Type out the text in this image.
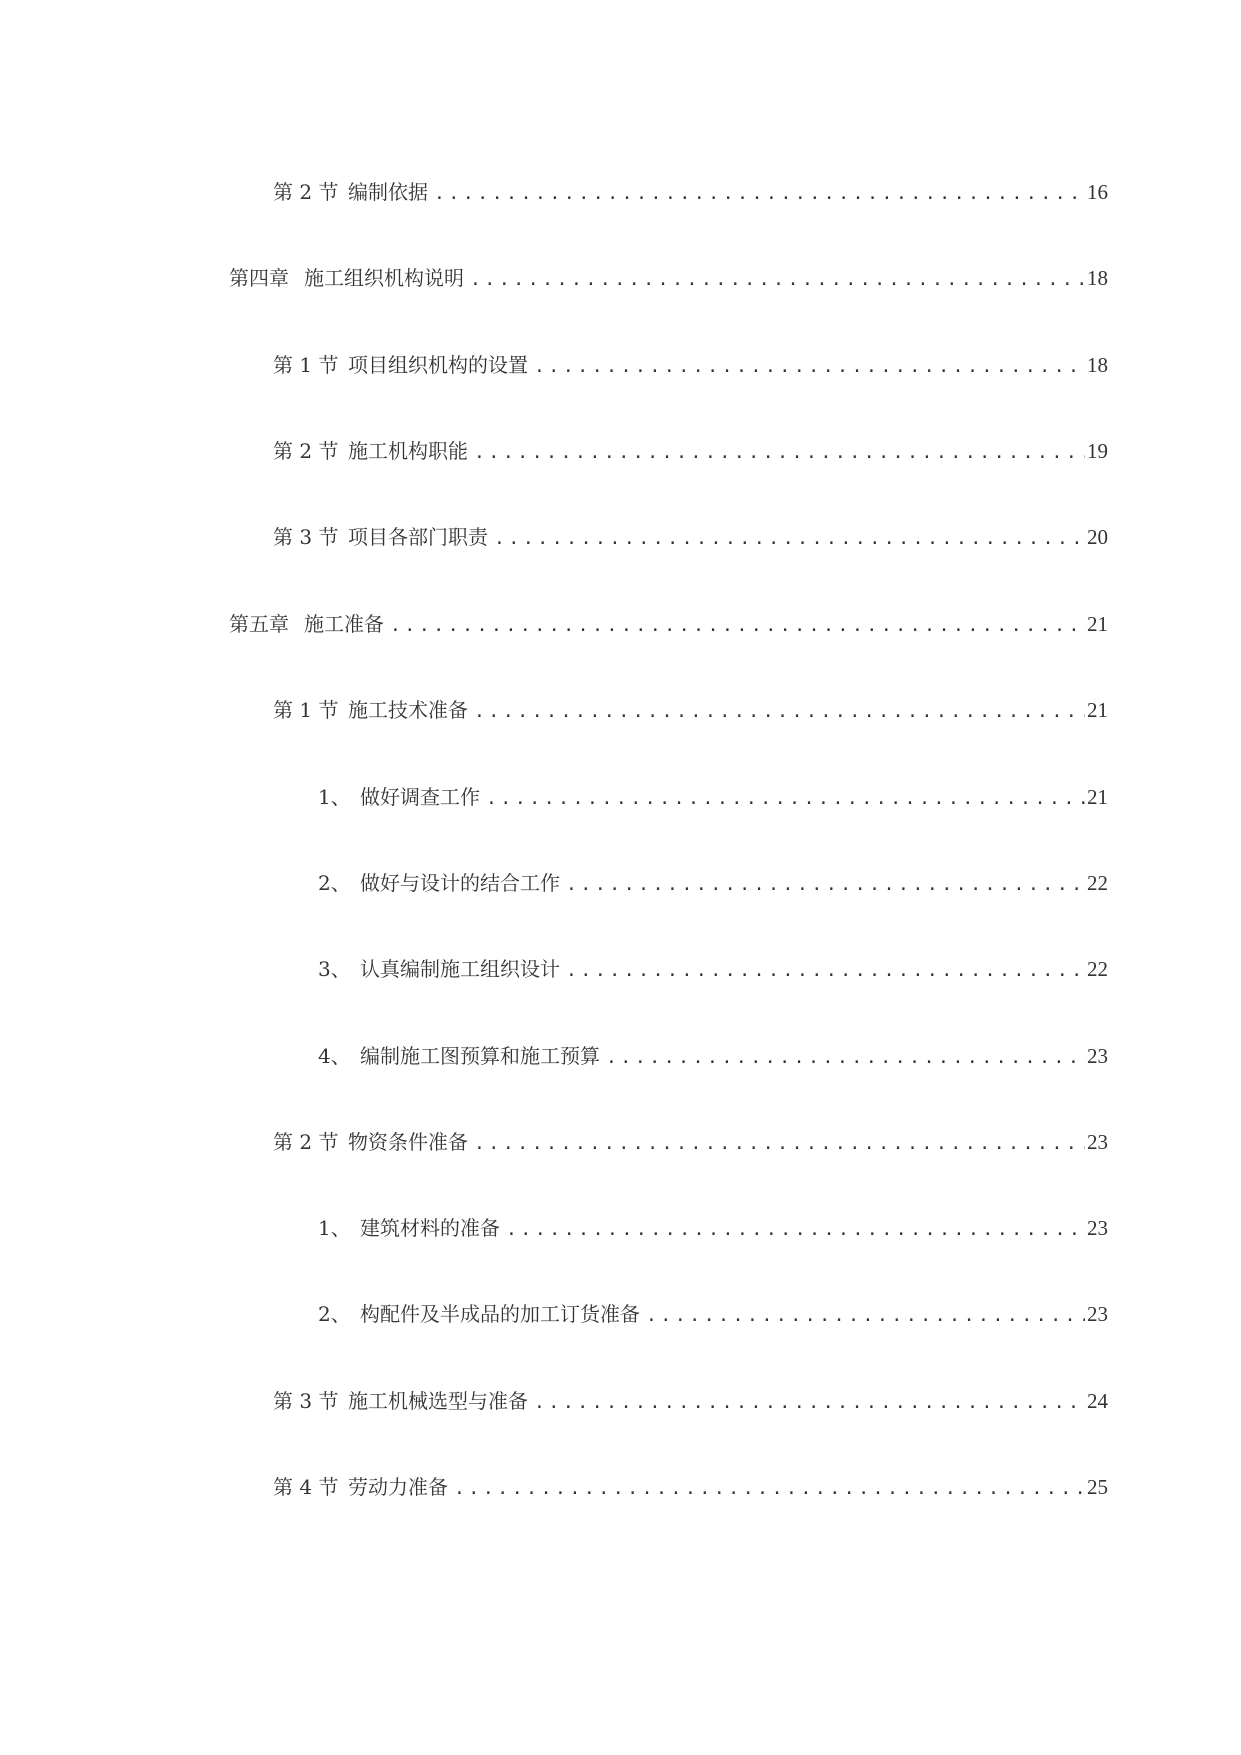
第 2 节 编制依据 .....	16
第四章 施工组织机构说明 .....	18
第 1 节 项目组织机构的设置 .....	18
第 2 节 施工机构职能 .....	19
第 3 节 项目各部门职责 .....	20
第五章 施工准备 .....	21
第 1 节 施工技术准备 .....	21
1、 做好调查工作 .....	21
2、 做好与设计的结合工作 .....	22
3、 认真编制施工组织设计 .....	22
4、 编制施工图预算和施工预算 .....	23
第 2 节 物资条件准备 .....	23
1、 建筑材料的准备 .....	23
2、 构配件及半成品的加工订货准备 .....	23
第 3 节 施工机械选型与准备 .....	24
第 4 节 劳动力准备 .....	25
